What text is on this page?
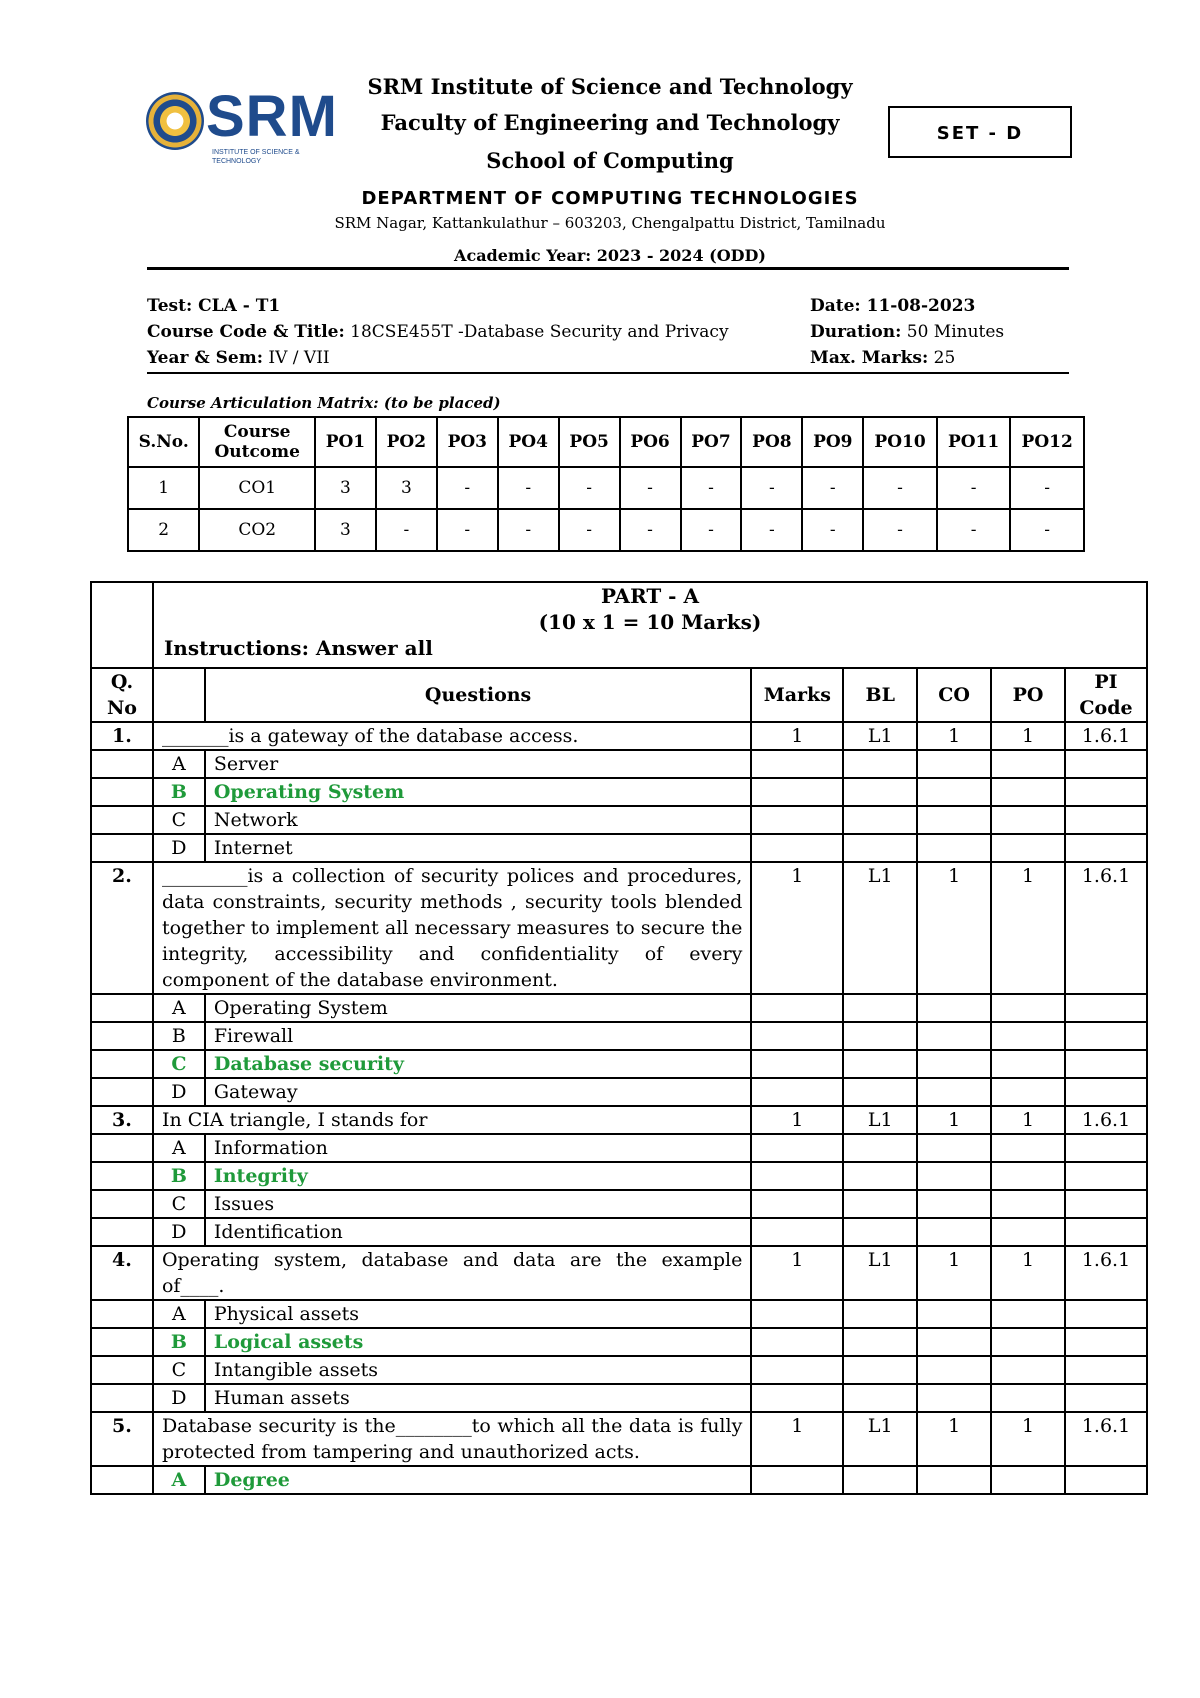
SRM
INSTITUTE OF SCIENCE & TECHNOLOGY
SRM Institute of Science and Technology
Faculty of Engineering and Technology
School of Computing
DEPARTMENT OF COMPUTING TECHNOLOGIES
SRM Nagar, Kattankulathur – 603203, Chengalpattu District, Tamilnadu
Academic Year: 2023 - 2024 (ODD)
SET - D
Test: CLA - T1
Course Code & Title: 18CSE455T -Database Security and Privacy
Year & Sem: IV / VII
Date: 11-08-2023
Duration: 50 Minutes
Max. Marks: 25
Course Articulation Matrix: (to be placed)
S.No.	Course Outcome	PO1	PO2	PO3	PO4	PO5	PO6	PO7	PO8	PO9	PO10	PO11	PO12
1	CO1	3	3	-	-	-	-	-	-	-	-	-	-
2	CO2	3	-	-	-	-	-	-	-	-	-	-	-

	PART - A
(10 x 1 = 10 Marks)
Instructions: Answer all						

Q. No		Questions	Marks	BL	CO	PO	PI Code
1.	_______is a gateway of the database access.		1	L1	1	1	1.6.1
	A	Server					
	B	Operating System					
	C	Network					
	D	Internet					
2.	_________is a collection of security polices and procedures, data constraints, security methods , security tools blended together to implement all necessary measures to secure the integrity, accessibility and confidentiality of every component of the database environment.		1	L1	1	1	1.6.1
	A	Operating System					
	B	Firewall					
	C	Database security					
	D	Gateway					
3.	In CIA triangle, I stands for		1	L1	1	1	1.6.1
	A	Information					
	B	Integrity					
	C	Issues					
	D	Identification					
4.	Operating system, database and data are the example of____.		1	L1	1	1	1.6.1
	A	Physical assets					
	B	Logical assets					
	C	Intangible assets					
	D	Human assets					
5.	Database security is the________to which all the data is fully protected from tampering and unauthorized acts.		1	L1	1	1	1.6.1
	A	Degree					
